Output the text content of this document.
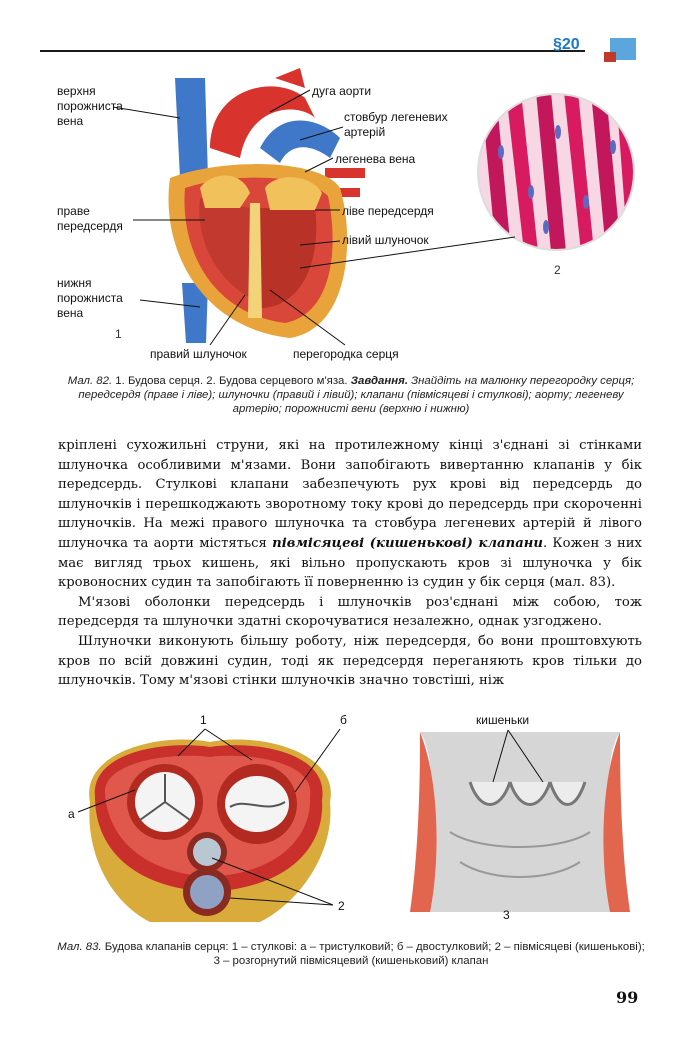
§20
верхня
порожниста
вена
дуга аорти
стовбур легеневих
артерій
легенева вена
праве
передсердя
ліве передсердя
лівий шлуночок
нижня
порожниста
вена
правий шлуночок	перегородка серця
1
2
Мал. 82. 1. Будова серця. 2. Будова серцевого м'яза. Завдання. Знайдіть на малюнку перегородку серця; передсердя (праве і ліве); шлуночки (правий і лівий); клапани (півмісяцеві і стулкові); аорту; легеневу артерію; порожнисті вени (верхню і нижню)

кріплені сухожильні струни, які на протилежному кінці з'єднані зі стінками шлуночка особливими м'язами. Вони запобігають вивертанню клапанів у бік передсердь. Стулкові клапани забезпечують рух крові від передсердь до шлуночків і перешкоджають зворотному току крові до передсердь при скороченні шлуночків. На межі правого шлуночка та стовбура легеневих артерій й лівого шлуночка та аорти містяться півмісяцеві (кишенькові) клапани. Кожен з них має вигляд трьох кишень, які вільно пропускають кров зі шлуночка у бік кровоносних судин та запобігають її поверненню із судин у бік серця (мал. 83).

М'язові оболонки передсердь і шлуночків роз'єднані між собою, тож передсердя та шлуночки здатні скорочуватися незалежно, однак узгоджено.

Шлуночки виконують більшу роботу, ніж передсердя, бо вони проштовхують кров по всій довжині судин, тоді як передсердя переганяють кров тільки до шлуночків. Тому м'язові стінки шлуночків значно товстіші, ніж

1	б
а
2
кишеньки
3
Мал. 83. Будова клапанів серця: 1 – стулкові: а – тристулковий; б – двостулковий; 2 – півмісяцеві (кишенькові); 3 – розгорнутий півмісяцевий (кишеньковий) клапан
99
